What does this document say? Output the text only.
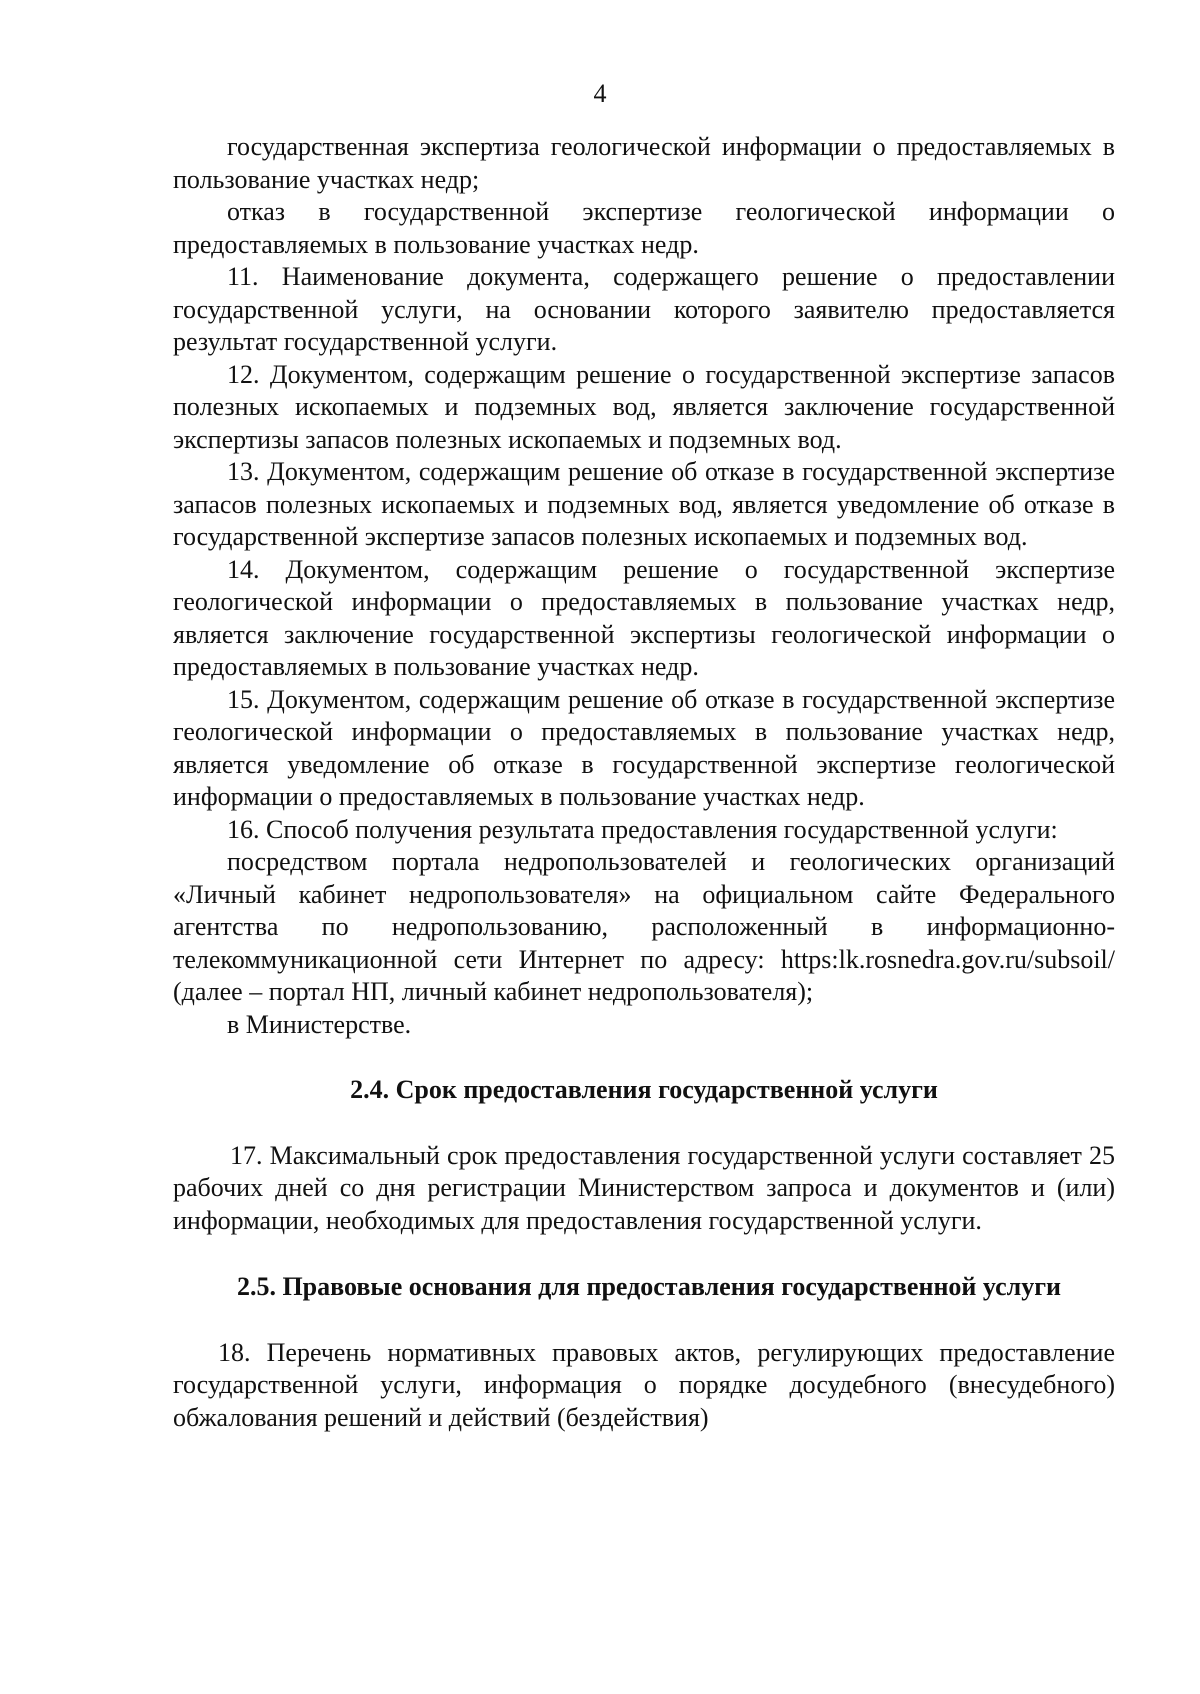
4

государственная экспертиза геологической информации о предоставляемых в пользование участках недр;

отказ в государственной экспертизе геологической информации о предоставляемых в пользование участках недр.

11. Наименование документа, содержащего решение о предоставлении государственной услуги, на основании которого заявителю предоставляется результат государственной услуги.

12. Документом, содержащим решение о государственной экспертизе запасов полезных ископаемых и подземных вод, является заключение государственной экспертизы запасов полезных ископаемых и подземных вод.

13. Документом, содержащим решение об отказе в государственной экспертизе запасов полезных ископаемых и подземных вод, является уведомление об отказе в государственной экспертизе запасов полезных ископаемых и подземных вод.

14. Документом, содержащим решение о государственной экспертизе геологической информации о предоставляемых в пользование участках недр, является заключение государственной экспертизы геологической информации о предоставляемых в пользование участках недр.

15. Документом, содержащим решение об отказе в государственной экспертизе геологической информации о предоставляемых в пользование участках недр, является уведомление об отказе в государственной экспертизе геологической информации о предоставляемых в пользование участках недр.

16. Способ получения результата предоставления государственной услуги:

посредством портала недропользователей и геологических организаций «Личный кабинет недропользователя» на официальном сайте Федерального агентства по недропользованию, расположенный в информационно-телекоммуникационной сети Интернет по адресу: https:lk.rosnedra.gov.ru/subsoil/ (далее – портал НП, личный кабинет недропользователя);

в Министерстве.

2.4. Срок предоставления государственной услуги

17. Максимальный срок предоставления государственной услуги составляет 25 рабочих дней со дня регистрации Министерством запроса и документов и (или) информации, необходимых для предоставления государственной услуги.

2.5. Правовые основания для предоставления государственной услуги

18. Перечень нормативных правовых актов, регулирующих предоставление государственной услуги, информация о порядке досудебного (внесудебного) обжалования решений и действий (бездействия)
